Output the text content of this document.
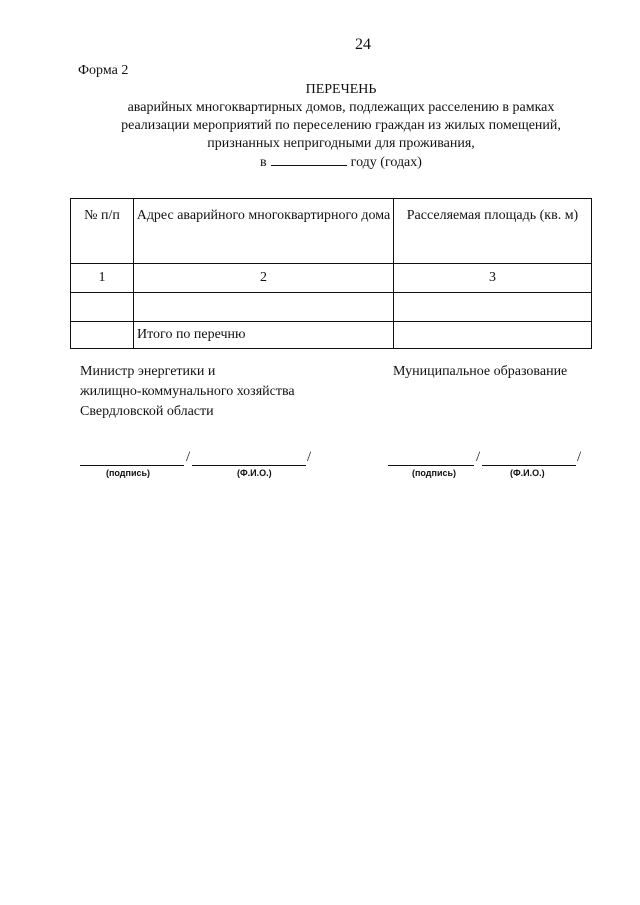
24
Форма 2
ПЕРЕЧЕНЬ
аварийных многоквартирных домов, подлежащих расселению в рамках
реализации мероприятий по переселению граждан из жилых помещений,
признанных непригодными для проживания,
в	году (годах)
№ п/п	Адрес аварийного многоквартирного дома	Расселяемая площадь (кв. м)
1	2	3

	Итого по перечню	
Министр энергетики и
жилищно-коммунального хозяйства
Свердловской области
Муниципальное образование
/	/
(подпись)	(Ф.И.О.)
/	/
(подпись)	(Ф.И.О.)
